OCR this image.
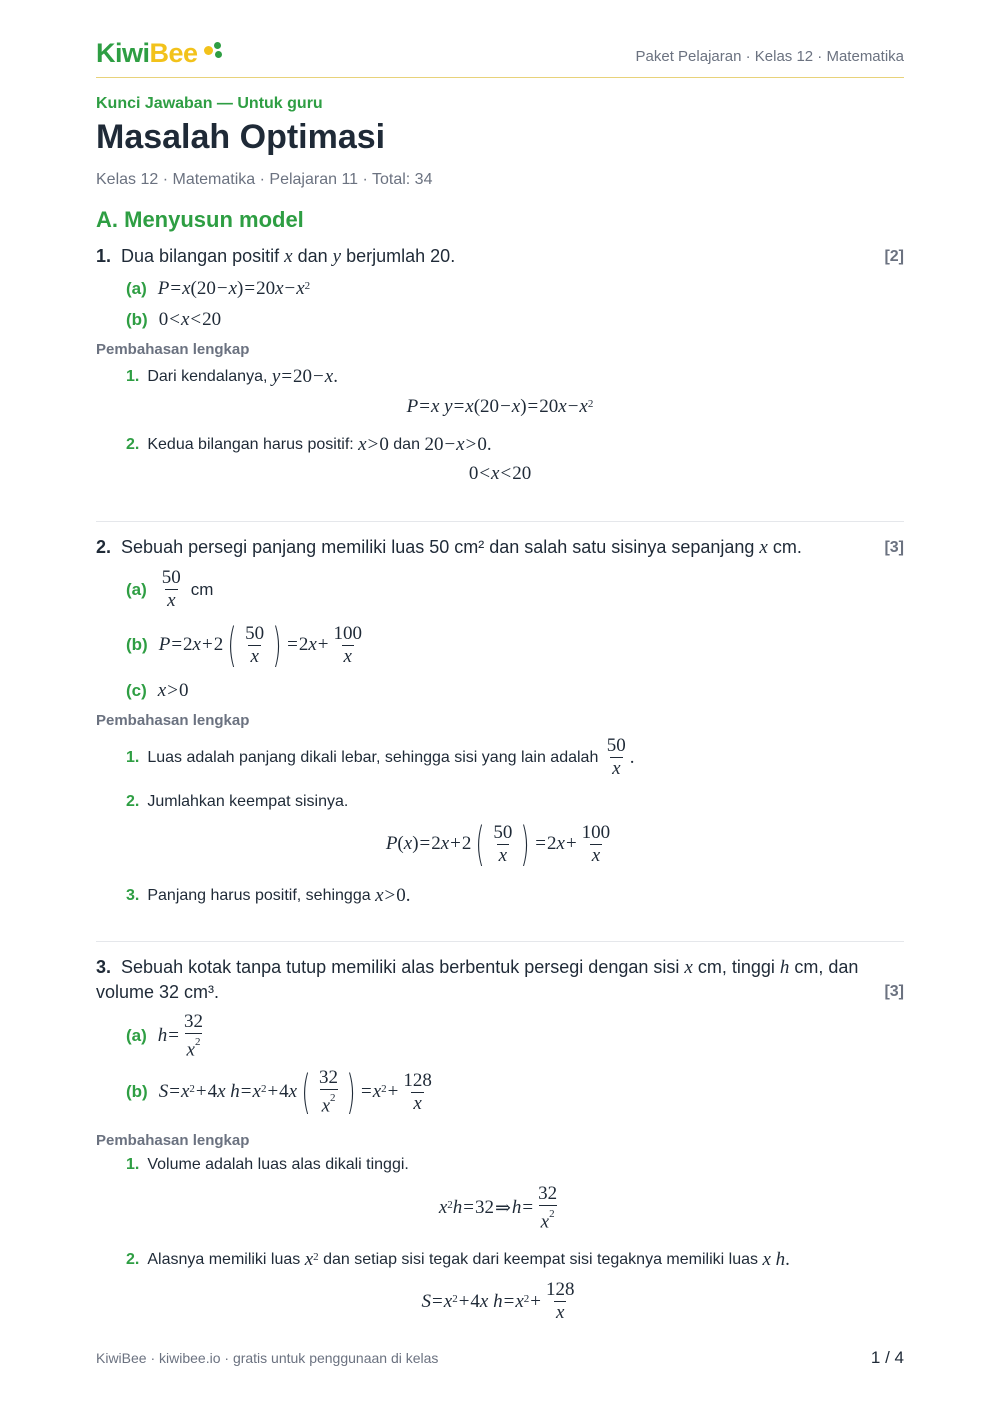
KiwiBee	Paket Pelajaran · Kelas 12 · Matematika
Kunci Jawaban — Untuk guru
Masalah Optimasi
Kelas 12 · Matematika · Pelajaran 11 · Total: 34
A. Menyusun model
1. Dua bilangan positif x dan y berjumlah 20.	[2]
(a) P = x (20 − x ) = 20 $x - x^2$
(b) 0 < x < 20
Pembahasan lengkap
1. Dari kendalanya,
y = 20 − x .
P = x
y = x (20 − x ) = 20 $x - x^2$
2. Kedua bilangan harus positif:
x > 0
dan
20 − x > 0.
0 < x < 20
2. Sebuah persegi panjang memiliki luas 50 cm² dan salah satu sisinya sepanjang x cm.	[3]
$(a) \frac{50}{x}$ cm
(b) P = 2 x + 2 ( $\frac{50}{x}$ ) = 2 $x + \frac{100}{x}$
(c) x > 0
Pembahasan lengkap
1. Luas adalah panjang dikali lebar, sehingga sisi yang lain adalah
$\frac{50}{x}$ .
2. Jumlahkan keempat sisinya.
P ( x ) = 2 x + 2 ( $\frac{50}{x}$ ) = 2 $x + \frac{100}{x}$
3. Panjang harus positif, sehingga
x > 0.
3. Sebuah kotak tanpa tutup memiliki alas berbentuk persegi dengan sisi x cm, tinggi h cm, dan
volume 32 cm³.	[3]
(a) $h = \frac{32}{x^2}$
(b) $S = x^2 + 4$ x
$h = x^2 + 4$ x ( $\frac{32}{x^2}$ ) = $x^2 + \frac{128}{x}$
Pembahasan lengkap
1. Volume adalah luas alas dikali tinggi.
$x^2$ h = 32 ⇒ $h = \frac{32}{x^2}$
2. Alasnya memiliki luas
$x^2$
dan setiap sisi tegak dari keempat sisi tegaknya memiliki luas
x
h .
$S = x^2 + 4$ x
$h = x^2 + \frac{128}{x}$
KiwiBee · kiwibee.io · gratis untuk penggunaan di kelas	1 / 4
